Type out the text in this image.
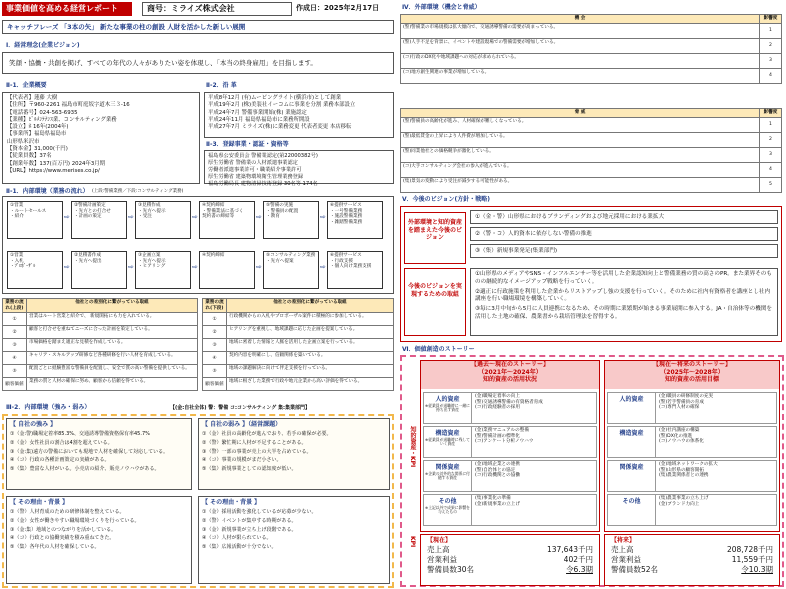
事業価値を高める経営レポート	商号：ミライズ株式会社	作成日：2025年2月17日
キャッチフレーズ 「3本の矢」 新たな事業の柱の創設 人財を活かした新しい展開
Ⅰ．経営理念(企業ビジョン)
笑顔・協働・共創を掲げ、すべての年代の人々がありたい姿を体現し、「本当の終身雇用」を目指します。
Ⅱ-1．企業概要
【代表者】蓮藤 大樹
【住所】〒960-2261 福島市町庭坂字道木三３-16
【電話番号】024-563-6935
【業種】ﾋﾞﾙﾒﾝﾃﾅﾝｽ業、コンサルティング業務
【設立】ﾎ 16年(2004年)
【事業所】福島県福島市
山形県米沢市
【資本金】31,000(千円)
【従業員数】37名
【創業年数】137(百万円) 2024年3月期
【URL】https://www.merises.co.jp/
Ⅱ-2．沿 革
平成8年12月 (有)ムービングライト(横浜市)として創業
平成19年2月 (株)美装社イーコムに事業を分割 業務本部設立
平成24年7月 警備事業開始(株) 業施認定
平成24年11月 福島県福島市に業務所開設
平成27年7月 ミライズ(株)に業務変更 代表者変更 本店移転
Ⅱ-3．登録事業・認証・資格等
福島県公安委員会 警備業認定(第22000382号)
厚生労働省 警備業の人材派遣事業認定
労働者派遣事業許可・職業紹介事業許可
厚生労働省 建築物環境衛生管理業務登録
福島労働局長 建物清掃技術登録 30名等 174名
Ⅱ-1．内部環境（業務の流れ） (上段:警備業務／下段:コンサルティング業務)
①営業
・ルートセールス
・紹介	⇨
②警備計画策定
・先方との打合せ
・計画の策定	⇨
③見積作成
・先方へ提示
・受注	⇨
④契約締結
・警備業法に基づく
契約書の締結等	⇨
⑤警備の実施
・警備員の配置
・教育	⇨
⑥提供サービス
・一号警備業務
・施設警備業務
・雑踏警備業務
①営業
・入札
・ﾌﾟﾛﾎﾟｰｻﾞﾙ	⇨
②見積書作成
・先方へ提出
⇨
③企画立案
・先方へ提示
・ヒアリング	⇨
④契約締結
⇨
⑤コンサルティング業務
・先方へ提案
⇨
⑥提供サービス
・行政支援
・個人向け業務支援
業務の流れ(上段)	他社との差別化に繋がっている取組
①	営業はルート営業と紹介で、 新規開拓にも力を入れている。
②	顧客と打合せを重ねてニーズに合った計画を策定している。
③	市場価格を踏まえ適正な見積を作成している。
④	キャリア・スキルアップ研修など各種研修を行い人材を育成している。
⑤	配置ごとに経験豊富な警備員を配置し、安全で質の高い警備を提供している。
顧客価値	業務の質と人材の確保に努め、顧客から信頼を得ている。
業務の流れ(下段)	他社との差別化に繋がっている取組
①	行政機関からの入札やプロポーザル案件に積極的に参加している。
②	ヒアリングを重視し、地域課題に応じた企画を提案している。
③	地域に密着した情報と人脈を活用した企画立案を行っている。
④	契約内容を明確にし、信頼関係を築いている。
⑤	地域の課題解決に向けて伴走支援を行っている。
顧客価値	地域に根ざした業務で行政や地元企業から高い評価を得ている。
Ⅲ-2．内部環境（強み・弱み）	【(金:自社全体) 警：警備 コ:コンサルティング 集:集業部門】
【 自社の強み 】
①（金:警)職場定着率85.3%、交通誘導警備資格保有率45.7%
②（金）女性社員の割合は4割を超えている。
③（金:集)遠方の警備においても現地で人材を確保して対応している。
④（コ）行政の各種計画策定の実績がある。
⑤（集）豊富な人材がいる。小売店の紹介、販売ノウハウがある。
【 自社の弱み 】（経営課題）
①（金）社員の高齢化が進んでおり、若手の確保が必要。
②（警）繁忙期に人材が不足することがある。
③（警）一部の事業が売上の大半を占めている。
④（コ）事業の規模がまだ小さい。
⑤（集）新規事業としての認知度が低い。
【 その理由・背景 】
①（警）人材育成のための研修体制を整えている。
②（金）女性が働きやすい職場環境づくりを行っている。
③（金:集）地域とのつながりを活かしている。
④（コ）行政との協働実績を積み重ねてきた。
⑤（集）各年代の人材を確保している。
【 その理由・背景 】
①（金）採用活動を強化しているが応募が少ない。
②（警）イベントが集中する時期がある。
③（金）新規事業が立ち上げ段階である。
④（コ）人材が限られている。
⑤（集）広報活動が十分でない。
Ⅳ．外部環境（機会と脅威）
機 会	影響度
(警)警備業の市場規模は拡大傾向で、交通誘導警備の需要が高まっている。	1
(警)人手不足を背景に、イベントや建設現場での警備需要が増加している。	2
(コ)行政のDX化や地域課題への対応が求められている。	3
(コ)地方創生関連の事業が増加している。	4
脅 威	影響度
(警)警備員の高齢化が進み、人材確保が難しくなっている。	1
(警)最低賃金の上昇により人件費が増加している。	2
(警)同業他社との価格競争が激化している。	3
(コ)大手コンサルティング会社の参入が進んでいる。	4
(集)景気の変動により受注が減少する可能性がある。	5
Ⅴ．今後のビジョン(方針・戦略)
外部環境と知的資産を踏まえた今後のビジョン
①（金・警）山形県におけるブランディングおよび地元採用における業拡大
②（警・コ）人的資本に依存しない警備の推進
③（集）新規事業発足(集業部門)
今後のビジョンを実現するための取組
①山形県のメディアやSNS・インフルエンサー等を活用した企業認知向上と警備業務の質の高さのPR。また業界そのものの継続的なイメージアップ戦略を行っていく。
②適正に行政施策を利用した企業からリストアップし強の支援を行っていく。そのために社内有資格者を講座とし社内講座を行い職場環境を構築していく。
③毎に3月中旬から5月に人員連携になるため、その時期に業繁期が始まる事業展開に参入する。JA・自治体等の機関を活用した土地の確保、農業書から栽培管理法を習得する。
Ⅵ．価値創造のストーリー
知的資産・KPI
【過去～現在のストーリー】
（2021年～2024年）
知的資産の活用状況
人的資産
※従業員が退職時に一緒に持ち出す資産
(金)職場定着率の向上
(警)交通誘導警備の有資格者育成
(コ)行政経験者の採用
構造資産
※従業員が退職時に残していく資産
(金)業務マニュアルの整備
(警)警備計画の標準化
(コ)アンケート分析ノウハウ
関係資産
※企業の対外的な関係に付随する資産
(金)地域企業との連携
(警)自治体との協定
(コ)行政機関との協働
その他
※上記以外で成果に影響を与えたもの
(集)事業化の準備
(金)新規事業の立上げ
【現在～将来のストーリー】
（2025年～2028年）
知的資産の活用目標
人的資産	(金)職員の研修制度の充実
(警)若手警備員の育成
(コ)専門人材の確保
構造資産	(金)社内講座の構築
(警)DX化の推進
(コ)ノウハウの体系化
関係資産	(金)地域ネットワークの拡大
(警)山形県の顧客開拓
(集)農業関係者との連携
その他	(集)農業事業の立ち上げ
(金)ブランド力向上
KPI 【現在】
売上高	137,643千円
営業利益	402千円
警備員数30名	令6.3期
【将来】
売上高	208,728千円
営業利益	11,559千円
警備員数52名	令10.3期
